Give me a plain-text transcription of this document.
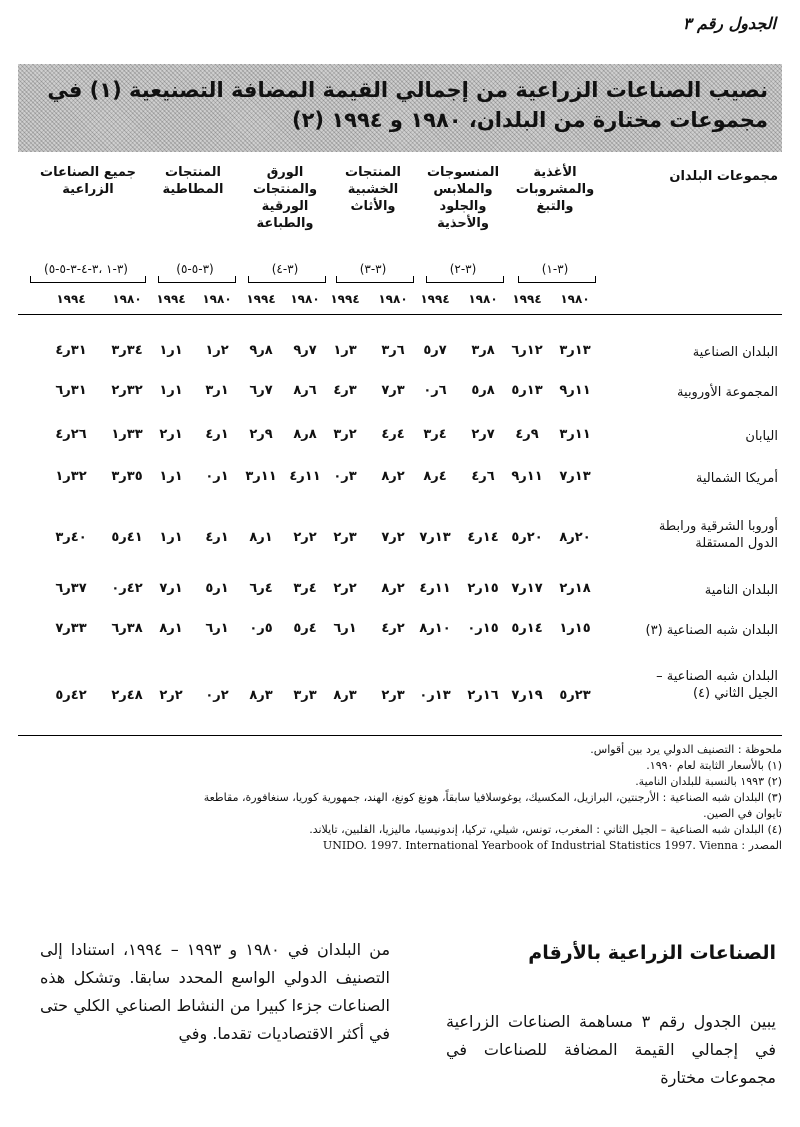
الجدول رقم ٣
نصيب الصناعات الزراعية من إجمالي القيمة المضافة التصنيعية (١) في
مجموعات مختارة من البلدان، ١٩٨٠ و ١٩٩٤ (٢)
مجموعات البلدان
الأغذية والمشروبات والتبغ
المنسوجات والملابس والجلود والأحذية
المنتجات الخشبية والأثاث
الورق والمنتجات الورقية والطباعة
المنتجات المطاطية
جميع الصناعات الزراعية
(٣-١)
(٣-٢)
(٣-٣)
(٣-٤)
(٣-٥-٥)
(٣-١ ،٣-٤-٣-٥-٥)
١٩٨٠
١٩٩٤
١٩٨٠
١٩٩٤
١٩٨٠
١٩٩٤
١٩٨٠
١٩٩٤
١٩٨٠
١٩٩٤
١٩٨٠
١٩٩٤
البلدان الصناعية
المجموعة الأوروبية
اليابان
أمريكا الشمالية
أوروبا الشرقية ورابطة الدول المستقلة
البلدان النامية
البلدان شبه الصناعية (٣)
البلدان شبه الصناعية – الجيل الثاني (٤)
١٣ر٣
١٢ر٦
٨ر٣
٧ر٥
٦ر٣
٣ر١
٧ر٩
٨ر٩
٢ر١
١ر١
٣٤ر٣
٣١ر٤
١١ر٩
١٣ر٥
٨ر٥
٦ر٠
٣ر٧
٣ر٤
٦ر٨
٧ر٦
١ر٣
١ر١
٣٢ر٢
٣١ر٦
١١ر٣
٩ر٤
٧ر٢
٤ر٣
٤ر٤
٢ر٣
٨ر٨
٩ر٢
١ر٤
١ر٢
٣٣ر١
٢٦ر٤
١٣ر٧
١١ر٩
٦ر٤
٤ر٨
٢ر٨
٣ر٠
١١ر٤
١١ر٣
١ر٠
١ر١
٣٥ر٣
٣٢ر١
٢٠ر٨
٢٠ر٥
١٤ر٤
١٣ر٧
٢ر٧
٣ر٢
٢ر٢
١ر٨
١ر٤
١ر١
٤١ر٥
٤٠ر٣
١٨ر٢
١٧ر٧
١٥ر٢
١١ر٤
٢ر٨
٢ر٢
٤ر٣
٤ر٦
١ر٥
١ر٧
٤٢ر٠
٣٧ر٦
١٥ر١
١٤ر٥
١٥ر٠
١٠ر٨
٢ر٤
١ر٦
٤ر٥
٥ر٠
١ر٦
١ر٨
٣٨ر٦
٣٣ر٧
٢٣ر٥
١٩ر٧
١٦ر٢
١٣ر٠
٣ر٢
٣ر٨
٣ر٣
٣ر٨
٢ر٠
٢ر٢
٤٨ر٢
٤٢ر٥
ملحوظة : التصنيف الدولي يرد بين أقواس.
(١) بالأسعار الثابتة لعام ١٩٩٠.
(٢) ١٩٩٣ بالنسبة للبلدان النامية.
(٣) البلدان شبه الصناعية : الأرجنتين، البرازيل، المكسيك، يوغوسلافيا سابقاً، هونغ كونغ، الهند، جمهورية كوريا، سنغافورة، مقاطعة
تايوان في الصين.
(٤) البلدان شبه الصناعية – الجيل الثاني : المغرب، تونس، شيلي، تركيا، إندونيسيا، ماليزيا، الفلبين، تايلاند.
المصدر : UNIDO. 1997. International Yearbook of Industrial Statistics 1997. Vienna
الصناعات الزراعية بالأرقام
يبين الجدول رقم ٣ مساهمة الصناعات الزراعية في إجمالي القيمة المضافة للصناعات في مجموعات مختارة
من البلدان في ١٩٨٠ و ١٩٩٣ – ١٩٩٤، استنادا إلى التصنيف الدولي الواسع المحدد سابقا. وتشكل هذه الصناعات جزءا كبيرا من النشاط الصناعي الكلي حتى في أكثر الاقتصاديات تقدما. وفي
